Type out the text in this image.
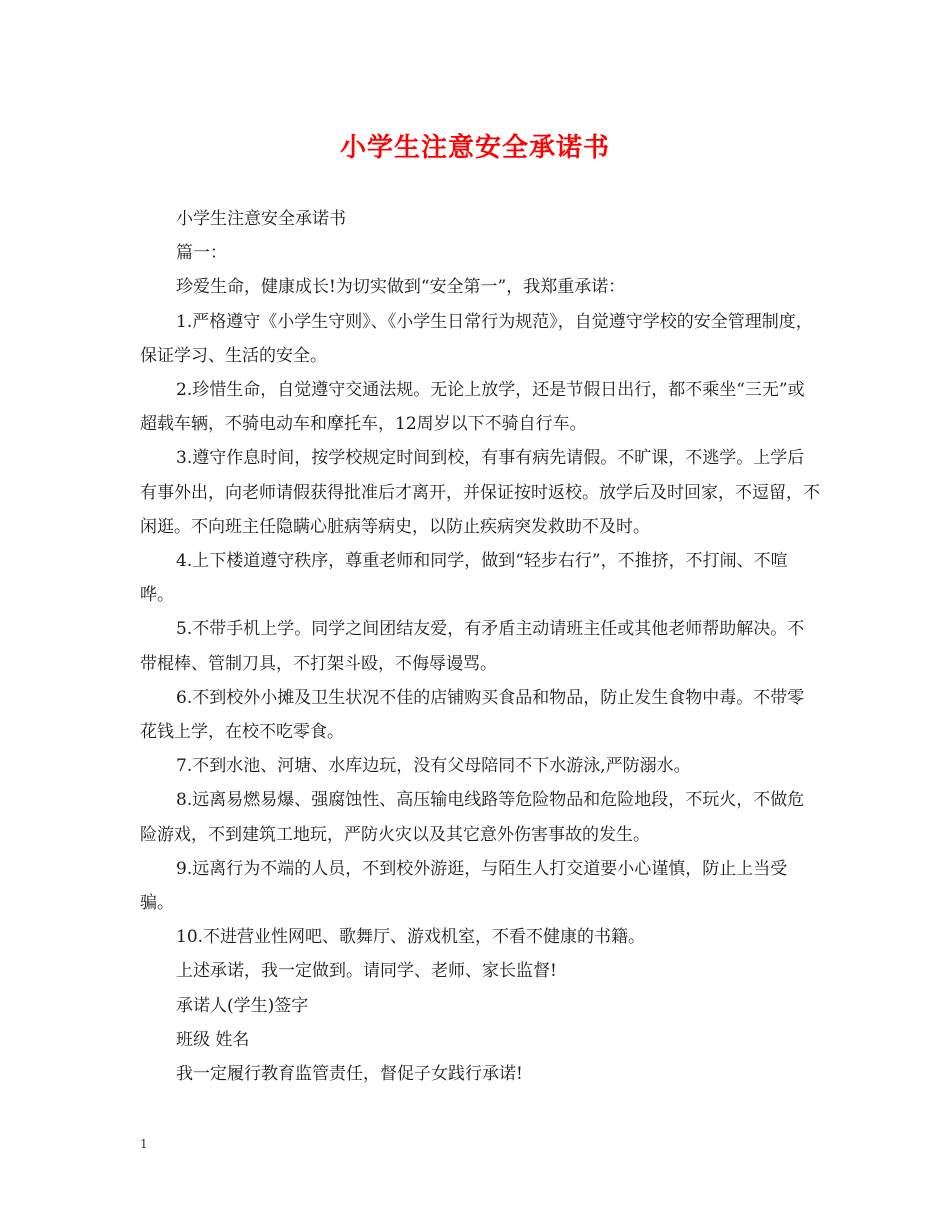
小学生注意安全承诺书

小学生注意安全承诺书

篇一：

珍爱生命，健康成长!为切实做到“安全第一”，我郑重承诺：

1.严格遵守《小学生守则》、《小学生日常行为规范》，自觉遵守学校的安全管理制度，保证学习、生活的安全。

2.珍惜生命，自觉遵守交通法规。无论上放学，还是节假日出行，都不乘坐“三无”或超载车辆，不骑电动车和摩托车，12周岁以下不骑自行车。

3.遵守作息时间，按学校规定时间到校，有事有病先请假。不旷课，不逃学。上学后有事外出，向老师请假获得批准后才离开，并保证按时返校。放学后及时回家，不逗留，不闲逛。不向班主任隐瞒心脏病等病史，以防止疾病突发救助不及时。

4.上下楼道遵守秩序，尊重老师和同学，做到“轻步右行”，不推挤，不打闹、不喧哗。

5.不带手机上学。同学之间团结友爱，有矛盾主动请班主任或其他老师帮助解决。不带棍棒、管制刀具，不打架斗殴，不侮辱谩骂。

6.不到校外小摊及卫生状况不佳的店铺购买食品和物品，防止发生食物中毒。不带零花钱上学，在校不吃零食。

7.不到水池、河塘、水库边玩，没有父母陪同不下水游泳,严防溺水。

8.远离易燃易爆、强腐蚀性、高压输电线路等危险物品和危险地段，不玩火，不做危险游戏，不到建筑工地玩，严防火灾以及其它意外伤害事故的发生。

9.远离行为不端的人员，不到校外游逛，与陌生人打交道要小心谨慎，防止上当受骗。

10.不进营业性网吧、歌舞厅、游戏机室，不看不健康的书籍。

上述承诺，我一定做到。请同学、老师、家长监督!

承诺人(学生)签字

班级 姓名

我一定履行教育监管责任，督促子女践行承诺!

1
